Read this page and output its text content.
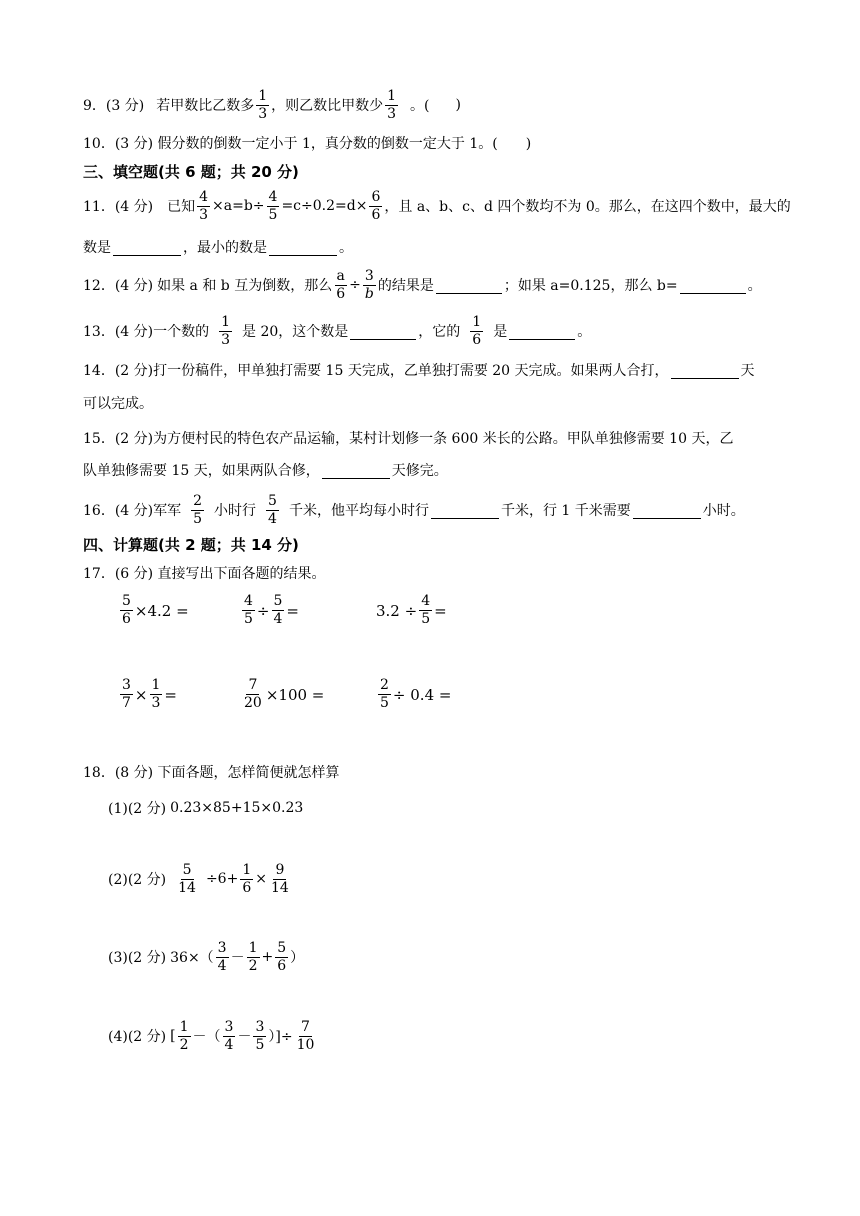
9．(3 分) 若甲数比乙数多 $\frac{1}{3}$ ，则乙数比甲数少 $\frac{1}{3}$ 。( )
10．(3 分) 假分数的倒数一定小于 1，真分数的倒数一定大于 1。(　　)
三、填空题(共 6 题；共 20 分)
11．(4 分) 已知 $\frac{4}{3} \times a=b\div \frac{4}{5} =c\div 0.2=d\times \frac{6}{6}$ ，且 a、b、c、d 四个数均不为 0。那么，在这四个数中，最大的
数是	，最小的数是	。
12．(4 分) 如果 a 和 b 互为倒数，那么 $\frac{a}{6} \div \frac{3}{b}$ 的结果是	；如果 a=0.125，那么 b=	。
13．(4 分) 一个数的 $\frac{1}{3}$ 是 20，这个数是	，它的 $\frac{1}{6}$ 是	。
14．(2 分) 打一份稿件，甲单独打需要 15 天完成，乙单独打需要 20 天完成。如果两人合打，	天
可以完成。
15．(2 分) 为方便村民的特色农产品运输，某村计划修一条 600 米长的公路。甲队单独修需要 10 天，乙
队单独修需要 15 天，如果两队合修，	天修完。
16．(4 分) 军军 $\frac{2}{5}$ 小时行 $\frac{5}{4}$ 千米，他平均每小时行	千米，行 1 千米需要	小时。
四、计算题(共 2 题；共 14 分)
17．(6 分) 直接写出下面各题的结果。
$\frac{5}{6} \times 4.2$ =	$\frac{4}{5} \div \frac{5}{4}$ =	$3.2 \div \frac{4}{5}$ =
$\frac{3}{7} \times \frac{1}{3}$ =	$\frac{7}{20} \times 100$ =	$\frac{2}{5} \div 0.4$ =
18．(8 分) 下面各题，怎样简便就怎样算
(1)(2 分) 0.23×85+15×0.23
(2)(2 分) $\frac{5}{14} \div 6+ \frac{1}{6} \times \frac{9}{14}$
(3)(2 分) $36\times( \frac{3}{4} - \frac{1}{2} + \frac{5}{6}$ ）
(4)(2 分) [ $\frac{1}{2}$ －（ $\frac{3}{4} - \frac{3}{5}$ ）]÷ $\frac{7}{10}$
